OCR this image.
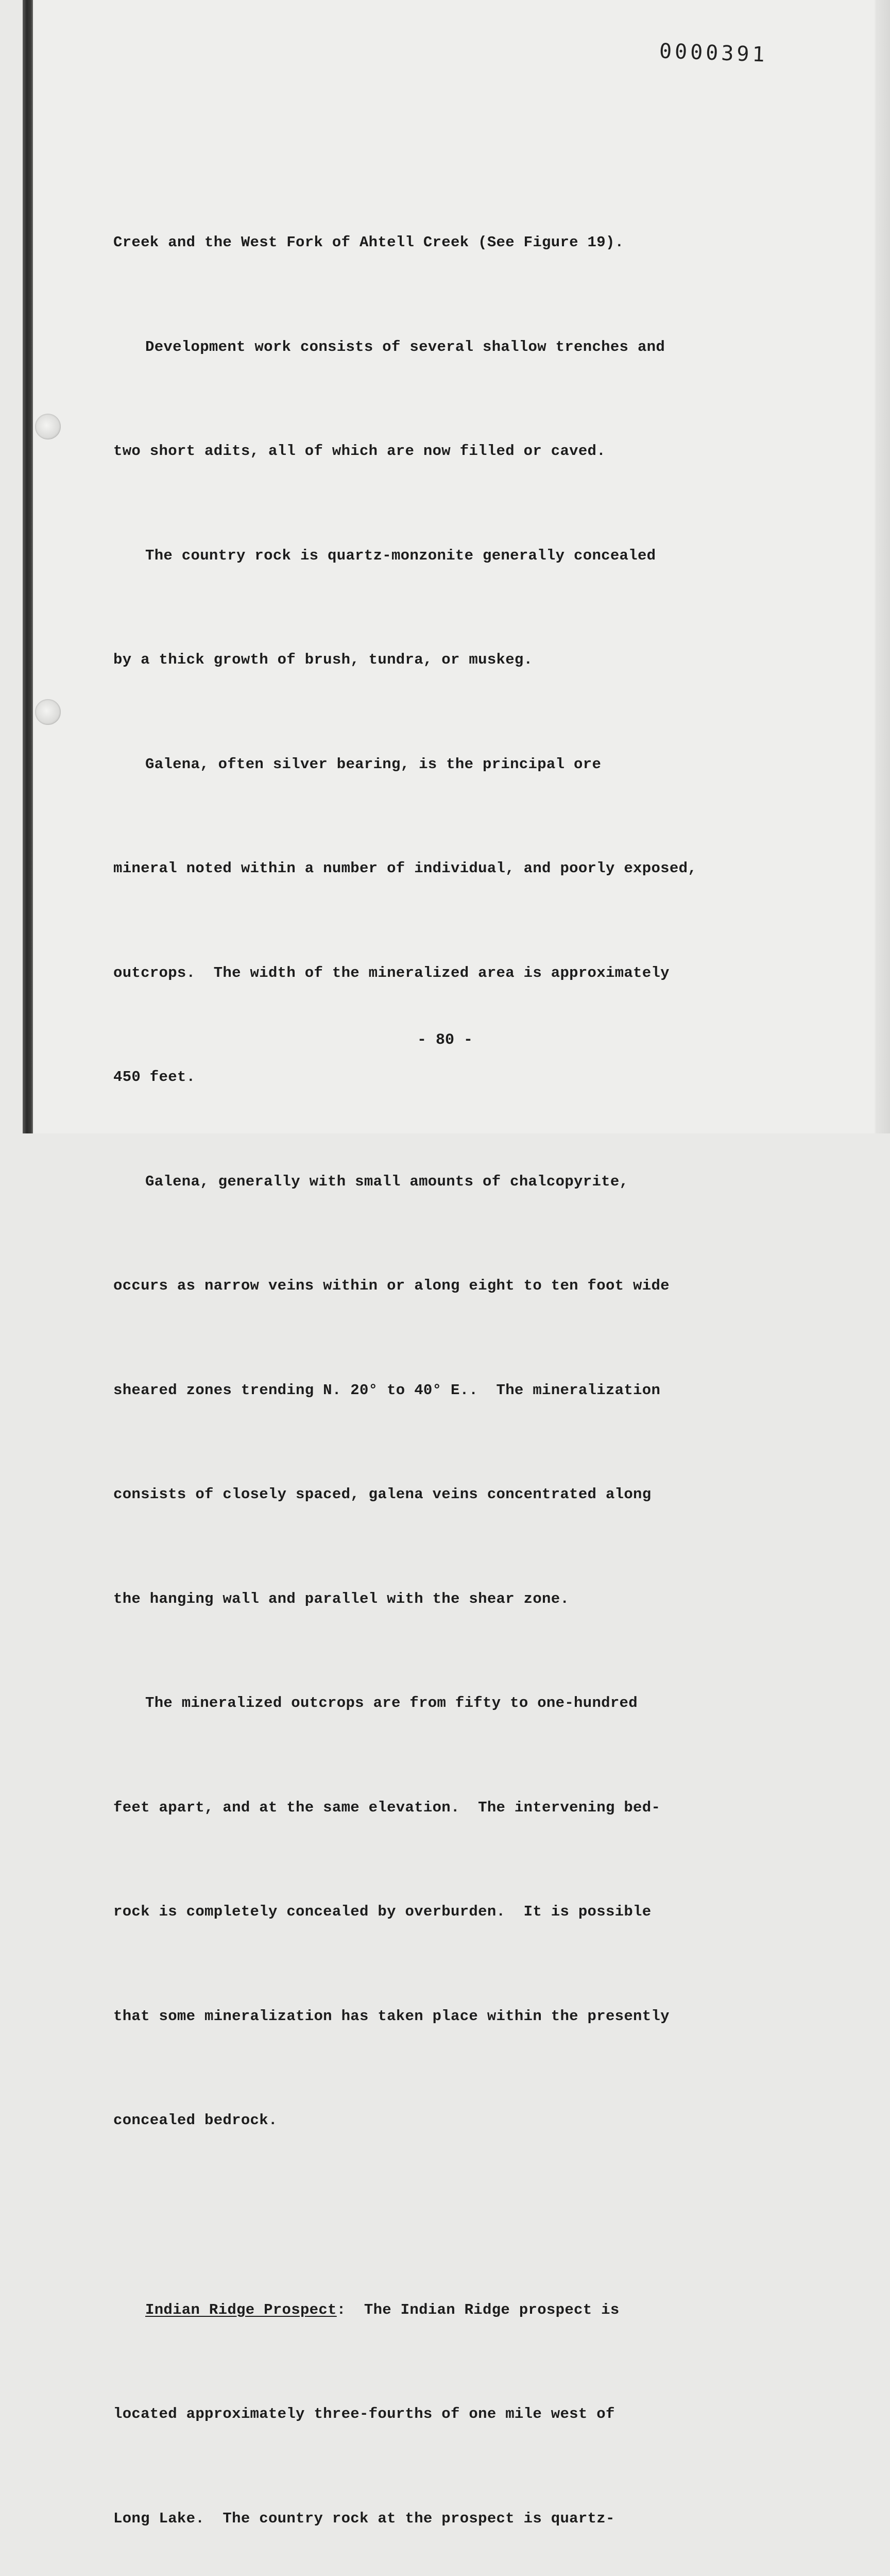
0000391

Creek and the West Fork of Ahtell Creek (See Figure 19).

Development work consists of several shallow trenches and

two short adits, all of which are now filled or caved.

The country rock is quartz-monzonite generally concealed

by a thick growth of brush, tundra, or muskeg.

Galena, often silver bearing, is the principal ore

mineral noted within a number of individual, and poorly exposed,

outcrops.  The width of the mineralized area is approximately

450 feet.

Galena, generally with small amounts of chalcopyrite,

occurs as narrow veins within or along eight to ten foot wide

sheared zones trending N. 20° to 40° E..  The mineralization

consists of closely spaced, galena veins concentrated along

the hanging wall and parallel with the shear zone.

The mineralized outcrops are from fifty to one-hundred

feet apart, and at the same elevation.  The intervening bed-

rock is completely concealed by overburden.  It is possible

that some mineralization has taken place within the presently

concealed bedrock.

Indian Ridge Prospect:  The Indian Ridge prospect is

located approximately three-fourths of one mile west of

Long Lake.  The country rock at the prospect is quartz-

- 80 -
